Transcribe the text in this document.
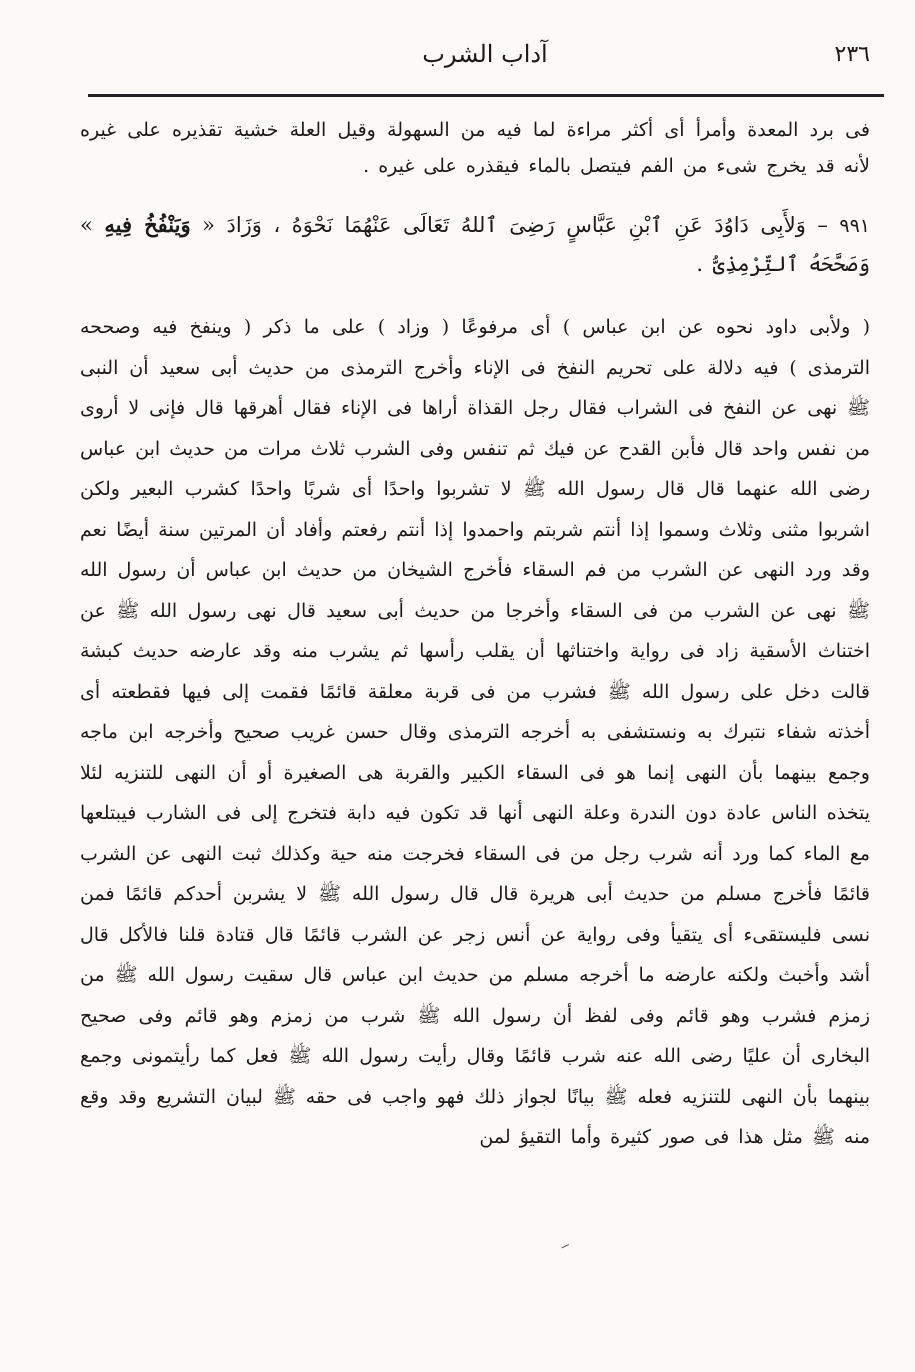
٢٣٦
آداب الشرب

فى برد المعدة وأمرأ أى أكثر مراءة لما فيه من السهولة وقيل العلة خشية تقذيره على غيره لأنه قد يخرج شىء من الفم فيتصل بالماء فيقذره على غيره .

٩٩١ – وَلأَبِى دَاوُدَ عَنِ ٱبْنِ عَبَّاسٍ رَضِىَ ٱللهُ تَعَالَى عَنْهُمَا نَحْوَهُ ، وَزَادَ « وَيَنْفُخُ فِيهِ » وَصَحَّحَهُ ٱلتِّرْمِذِىُّ .

( ولأبى داود نحوه عن ابن عباس ) أى مرفوعًا ( وزاد ) على ما ذكر ( وينفخ فيه وصححه الترمذى ) فيه دلالة على تحريم النفخ فى الإناء وأخرج الترمذى من حديث أبى سعيد أن النبى ﷺ نهى عن النفخ فى الشراب فقال رجل القذاة أراها فى الإناء فقال أهرقها قال فإنى لا أروى من نفس واحد قال فأبن القدح عن فيك ثم تنفس وفى الشرب ثلاث مرات من حديث ابن عباس رضى الله عنهما قال قال رسول الله ﷺ لا تشربوا واحدًا أى شربًا واحدًا كشرب البعير ولكن اشربوا مثنى وثلاث وسموا إذا أنتم شربتم واحمدوا إذا أنتم رفعتم وأفاد أن المرتين سنة أيضًا نعم وقد ورد النهى عن الشرب من فم السقاء فأخرج الشيخان من حديث ابن عباس أن رسول الله ﷺ نهى عن الشرب من فى السقاء وأخرجا من حديث أبى سعيد قال نهى رسول الله ﷺ عن اختناث الأسقية زاد فى رواية واختناثها أن يقلب رأسها ثم يشرب منه وقد عارضه حديث كبشة قالت دخل على رسول الله ﷺ فشرب من فى قربة معلقة قائمًا فقمت إلى فيها فقطعته أى أخذته شفاء نتبرك به ونستشفى به أخرجه الترمذى وقال حسن غريب صحيح وأخرجه ابن ماجه وجمع بينهما بأن النهى إنما هو فى السقاء الكبير والقربة هى الصغيرة أو أن النهى للتنزيه لئلا يتخذه الناس عادة دون الندرة وعلة النهى أنها قد تكون فيه دابة فتخرج إلى فى الشارب فيبتلعها مع الماء كما ورد أنه شرب رجل من فى السقاء فخرجت منه حية وكذلك ثبت النهى عن الشرب قائمًا فأخرج مسلم من حديث أبى هريرة قال قال رسول الله ﷺ لا يشربن أحدكم قائمًا فمن نسى فليستقىء أى يتقيأ وفى رواية عن أنس زجر عن الشرب قائمًا قال قتادة قلنا فالأكل قال أشد وأخبث ولكنه عارضه ما أخرجه مسلم من حديث ابن عباس قال سقيت رسول الله ﷺ من زمزم فشرب وهو قائم وفى لفظ أن رسول الله ﷺ شرب من زمزم وهو قائم وفى صحيح البخارى أن عليًا رضى الله عنه شرب قائمًا وقال رأيت رسول الله ﷺ فعل كما رأيتمونى وجمع بينهما بأن النهى للتنزيه فعله ﷺ بيانًا لجواز ذلك فهو واجب فى حقه ﷺ لبيان التشريع وقد وقع منه ﷺ مثل هذا فى صور كثيرة وأما التقيؤ لمن
